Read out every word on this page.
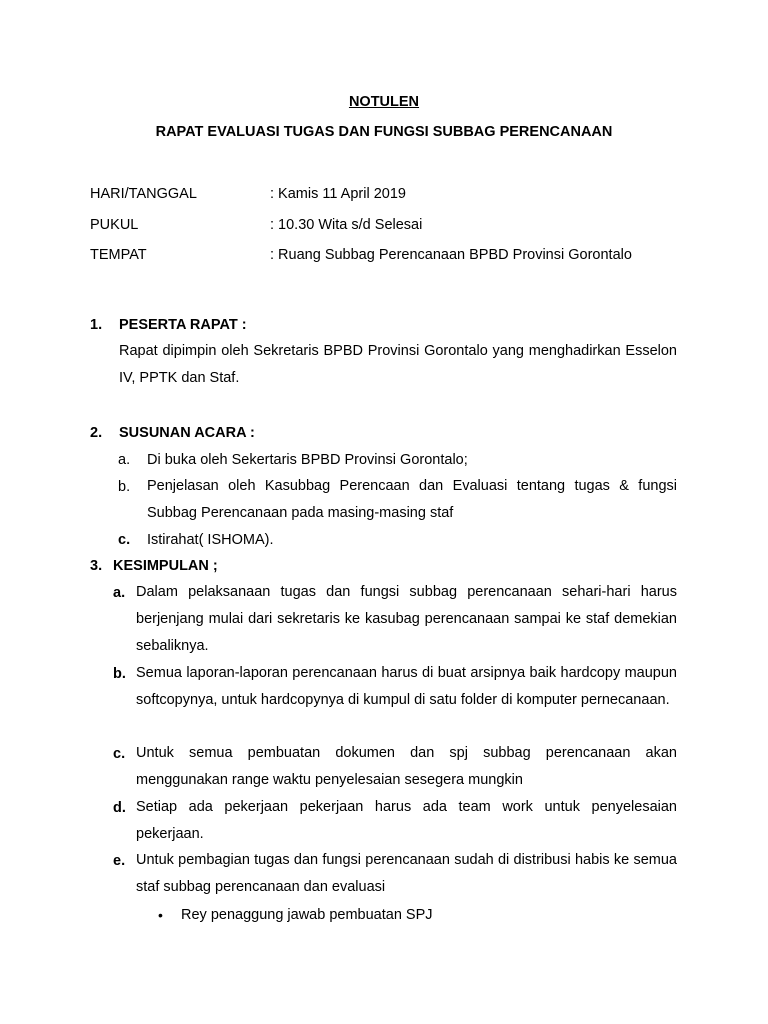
NOTULEN
RAPAT EVALUASI TUGAS DAN FUNGSI SUBBAG PERENCANAAN
HARI/TANGGAL	: Kamis 11 April 2019
PUKUL	: 10.30 Wita s/d Selesai
TEMPAT	: Ruang Subbag Perencanaan BPBD Provinsi Gorontalo
1. PESERTA RAPAT :
Rapat dipimpin oleh Sekretaris BPBD Provinsi Gorontalo yang menghadirkan Esselon IV, PPTK dan Staf.
2. SUSUNAN ACARA :
a. Di buka oleh Sekertaris BPBD Provinsi Gorontalo;
b. Penjelasan oleh Kasubbag Perencaan dan Evaluasi tentang tugas & fungsi Subbag Perencanaan pada masing-masing staf
c. Istirahat( ISHOMA).
3. KESIMPULAN ;
a. Dalam pelaksanaan tugas dan fungsi subbag perencanaan sehari-hari harus berjenjang mulai dari sekretaris ke kasubag perencanaan sampai ke staf demekian sebaliknya.
b. Semua laporan-laporan perencanaan harus di buat arsipnya baik hardcopy maupun softcopynya, untuk hardcopynya di kumpul di satu folder di komputer pernecanaan.
c. Untuk semua pembuatan dokumen dan spj subbag perencanaan akan menggunakan range waktu penyelesaian sesegera mungkin
d. Setiap ada pekerjaan pekerjaan harus ada team work untuk penyelesaian pekerjaan.
e. Untuk pembagian tugas dan fungsi perencanaan sudah di distribusi habis ke semua staf subbag perencanaan dan evaluasi
• Rey penaggung jawab pembuatan SPJ
